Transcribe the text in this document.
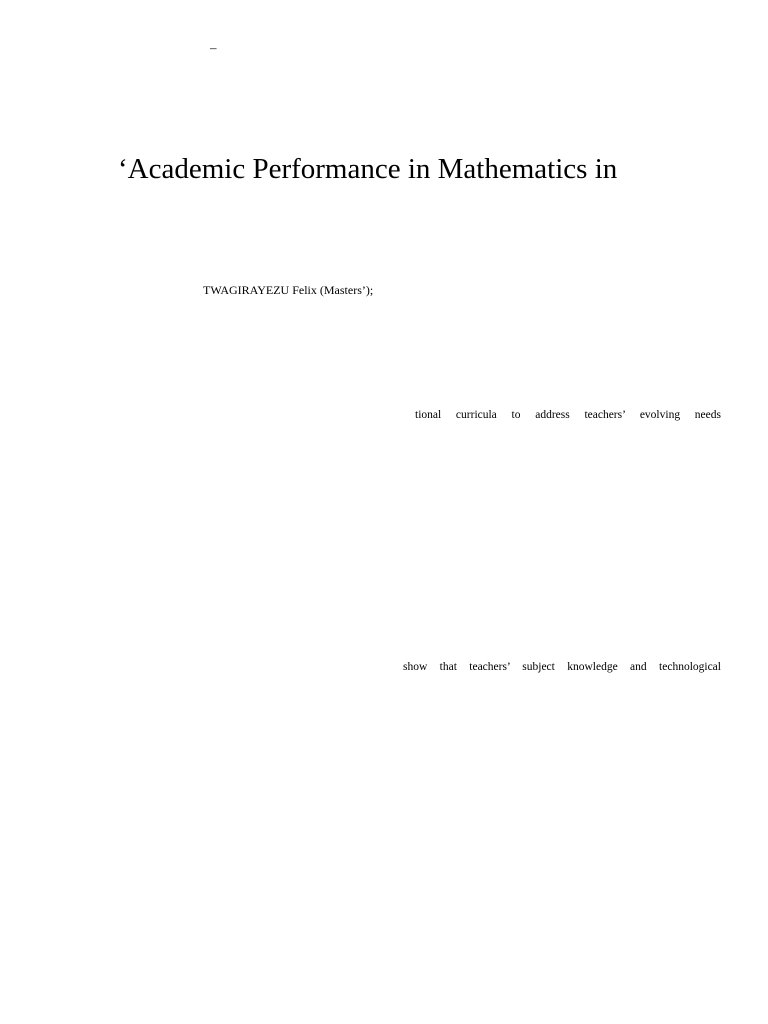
–
‘Academic Performance in Mathematics in
TWAGIRAYEZU Felix (Masters’);
tional curricula to address teachers’ evolving needs
show that teachers’ subject knowledge and technological
